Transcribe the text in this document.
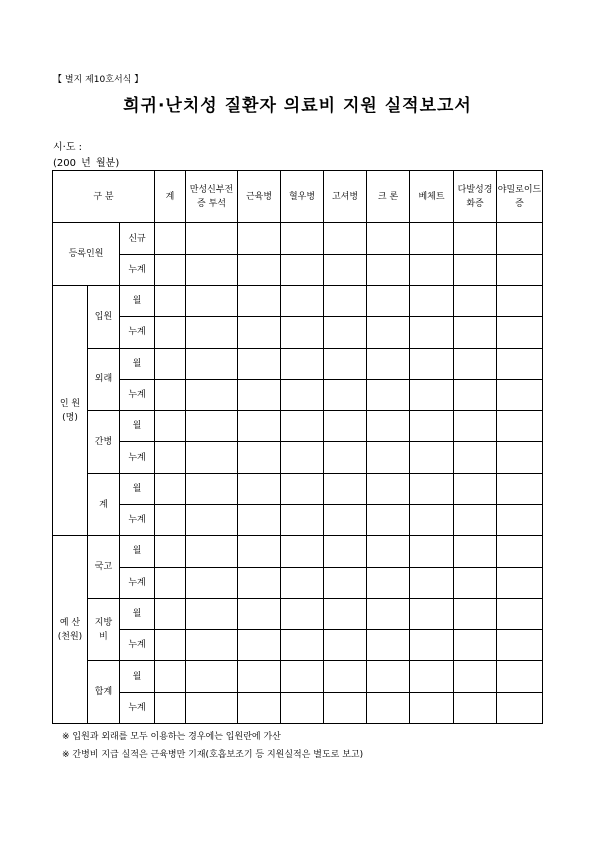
【 별지 제10호서식 】
희귀·난치성 질환자 의료비 지원 실적보고서
시·도 :
(200 년 월분)
구 분			계	만성신부전증 투석	근육병	혈우병	고셔병	크 론	베체트	다발성경화증	야밀로이드증
등록인원		신규									
		누계									
인 원
(명)	입원	월									
		누계									
	외래	월									
		누계									
	간병	월									
		누계									
	계	월									
		누계									
예 산
(천원)	국고	월									
		누계									
	지방비	월									
		누계									
	합계	월									
		누계									
※ 입원과 외래를 모두 이용하는 경우에는 입원란에 가산
※ 간병비 지급 실적은 근육병만 기재(호흡보조기 등 지원실적은 별도로 보고)
